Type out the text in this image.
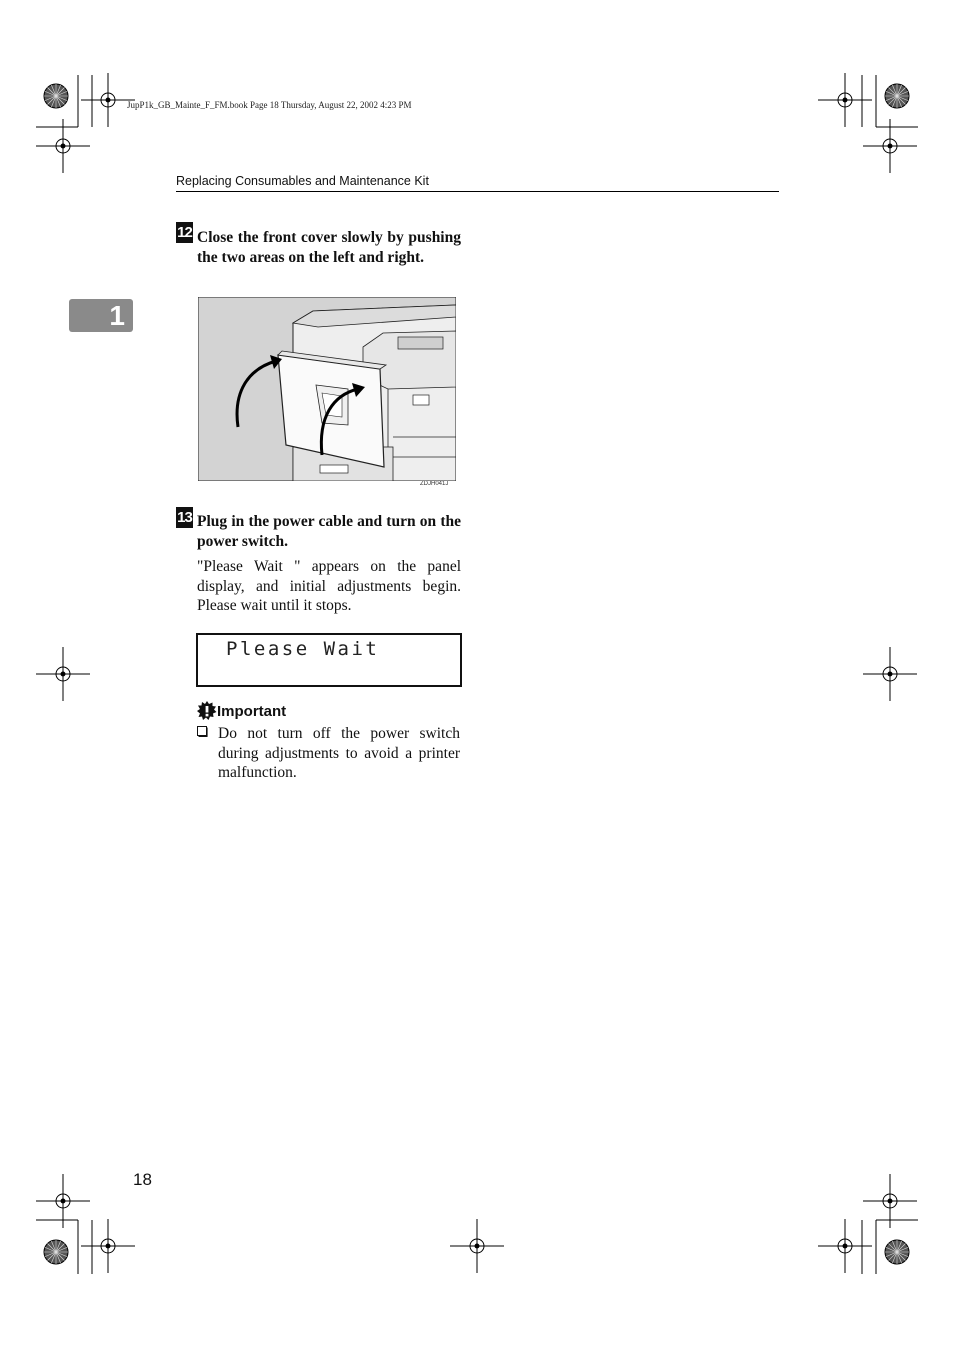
JupP1k_GB_Mainte_F_FM.book Page 18 Thursday, August 22, 2002 4:23 PM
Replacing Consumables and Maintenance Kit
1
12 Close the front cover slowly by pushing the two areas on the left and right.
ZDJH041J
13 Plug in the power cable and turn on the power switch.
"Please Wait " appears on the panel display, and initial adjustments begin. Please wait until it stops.
Please Wait
Important
Do not turn off the power switch during adjustments to avoid a printer malfunction.
18
